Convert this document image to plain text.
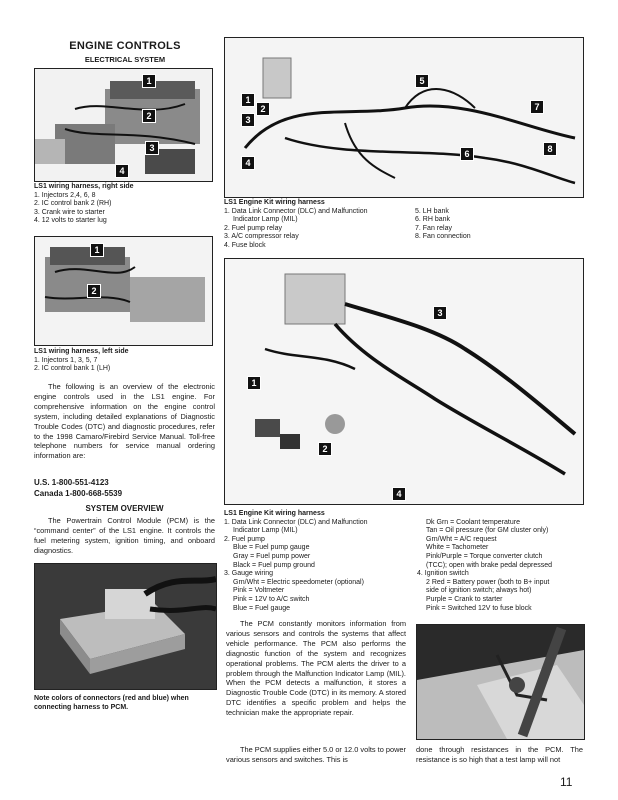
ENGINE CONTROLS
ELECTRICAL SYSTEM
1
2
3
4
LS1 wiring harness, right side
1. Injectors 2,4, 6, 8
2. IC control bank 2 (RH)
3. Crank wire to starter
4. 12 volts to starter lug
1
2
LS1 wiring harness, left side
1. Injectors 1, 3, 5, 7
2. IC control bank 1 (LH)
The following is an overview of the electronic engine controls used in the LS1 engine. For comprehensive information on the engine control system, including detailed explanations of Diagnostic Trouble Codes (DTC) and diagnostic procedures, refer to the 1998 Camaro/Firebird Service Manual. Toll-free telephone numbers for service manual ordering information are:
U.S. 1-800-551-4123
Canada 1-800-668-5539
SYSTEM OVERVIEW
The Powertrain Control Module (PCM) is the “command center” of the LS1 engine. It controls the fuel metering system, ignition timing, and onboard diagnostics.
Note colors of connectors (red and blue) when connecting harness to PCM.
1
2
3
4
5
6
7
8
LS1 Engine Kit wiring harness
1. Data Link Connector (DLC) and Malfunction
Indicator Lamp (MIL)
2. Fuel pump relay
3. A/C compressor relay
4. Fuse block
5. LH bank
6. RH bank
7. Fan relay
8. Fan connection
1
2
3
4
LS1 Engine Kit wiring harness
1. Data Link Connector (DLC) and Malfunction
Indicator Lamp (MIL)
2. Fuel pump
Blue = Fuel pump gauge
Gray = Fuel pump power
Black = Fuel pump ground
3. Gauge wiring
Grn/Wht = Electric speedometer (optional)
Pink = Voltmeter
Pink = 12V to A/C switch
Blue = Fuel gauge
Dk Grn = Coolant temperature
Tan = Oil pressure (for GM cluster only)
Grn/Wht = A/C request
White = Tachometer
Pink/Purple = Torque converter clutch
(TCC); open with brake pedal depressed
4. Ignition switch
2 Red = Battery power (both to B+ input
side of ignition switch; always hot)
Purple = Crank to starter
Pink = Switched 12V to fuse block
The PCM constantly monitors information from various sensors and controls the systems that affect vehicle performance. The PCM also performs the diagnostic function of the system and recognizes operational problems. The PCM alerts the driver to a problem through the Malfunction Indicator Lamp (MIL). When the PCM detects a malfunction, it stores a Diagnostic Trouble Code (DTC) in its memory. A stored DTC identifies a specific problem and helps the technician make the appropriate repair.
The PCM supplies either 5.0 or 12.0 volts to power various sensors and switches. This is
done through resistances in the PCM. The resistance is so high that a test lamp will not
11
